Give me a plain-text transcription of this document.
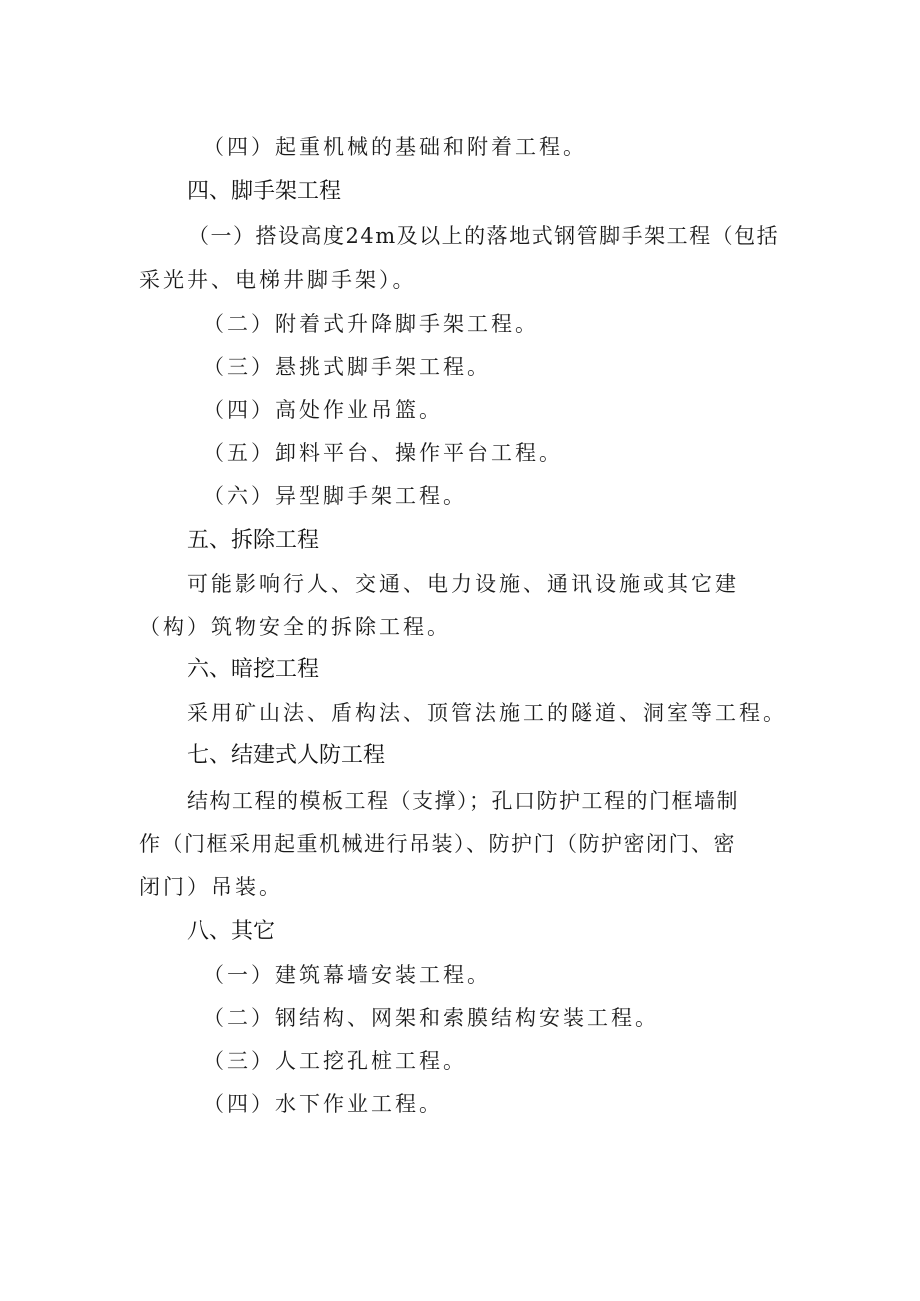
（四）起重机械的基础和附着工程。
四、脚手架工程
（一）搭设高度24m及以上的落地式钢管脚手架工程（包括
采光井、电梯井脚手架）。
（二）附着式升降脚手架工程。
（三）悬挑式脚手架工程。
（四）高处作业吊篮。
（五）卸料平台、操作平台工程。
（六）异型脚手架工程。
五、拆除工程
可能影响行人、交通、电力设施、通讯设施或其它建
（构）筑物安全的拆除工程。
六、暗挖工程
采用矿山法、盾构法、顶管法施工的隧道、洞室等工程。
七、结建式人防工程
结构工程的模板工程（支撑）；孔口防护工程的门框墙制
作（门框采用起重机械进行吊装）、防护门（防护密闭门、密
闭门）吊装。
八、其它
（一）建筑幕墙安装工程。
（二）钢结构、网架和索膜结构安装工程。
（三）人工挖孔桩工程。
（四）水下作业工程。
